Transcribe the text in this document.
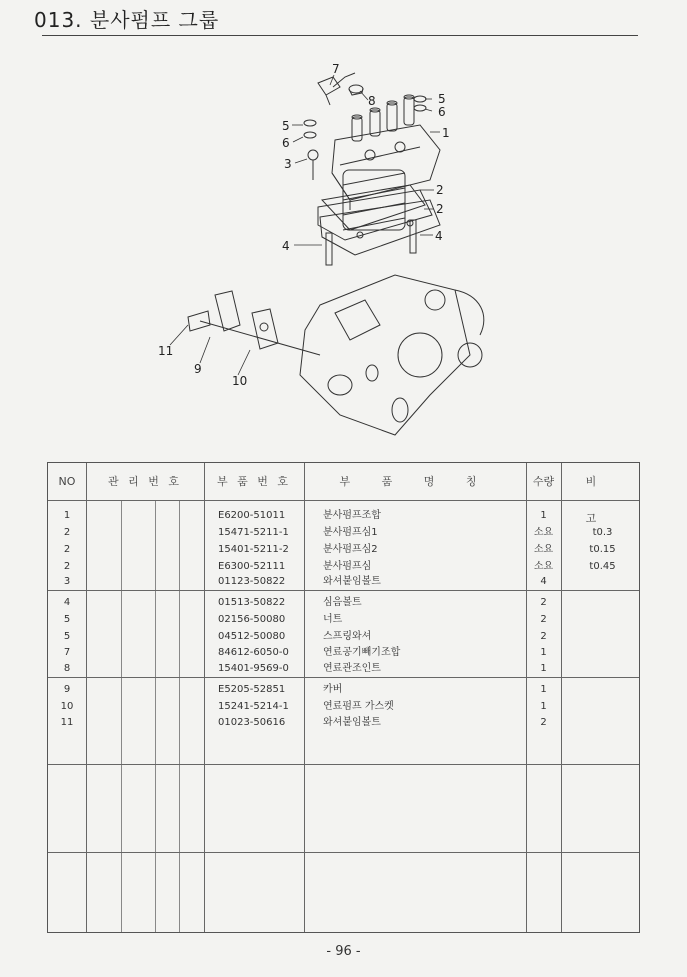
013. 분사펌프 그룹
7
8	5
6
5
6
1
3
2
2
4
4
11
9
10
NO	관 리 번 호	부 품 번 호	부 품 명 칭	수량	비 고
1	E6200-51011	분사펌프조합	1
2	15471-5211-1	분사펌프심1	소요	t0.3
2	15401-5211-2	분사펌프심2	소요	t0.15
2	E6300-52111	분사펌프심	소요	t0.45
3	01123-50822	와셔붙임볼트	4
4	01513-50822	심음볼트	2
5	02156-50080	너트	2
5	04512-50080	스프링와셔	2
7	84612-6050-0	연료공기빼기조합	1
8	15401-9569-0	연료관조인트	1
9	E5205-52851	카버	1
10	15241-5214-1	연료펌프 가스켓	1
11	01023-50616	와셔붙임볼트	2
- 96 -
